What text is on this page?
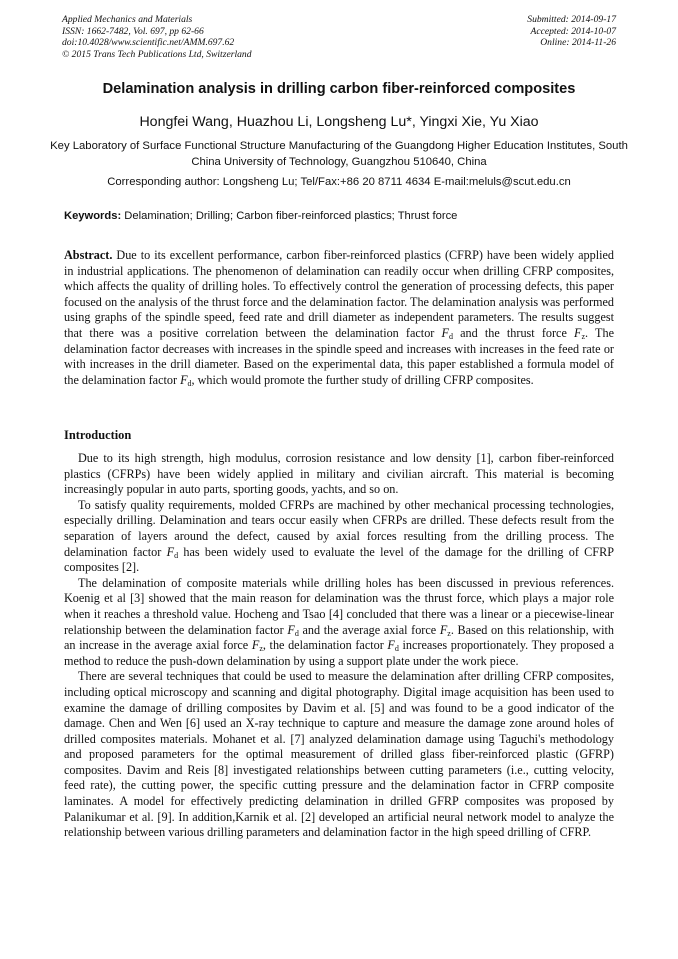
Applied Mechanics and Materials
ISSN: 1662-7482, Vol. 697, pp 62-66
doi:10.4028/www.scientific.net/AMM.697.62
© 2015 Trans Tech Publications Ltd, Switzerland
Submitted: 2014-09-17
Accepted: 2014-10-07
Online: 2014-11-26
Delamination analysis in drilling carbon fiber-reinforced composites
Hongfei Wang, Huazhou Li, Longsheng Lu*, Yingxi Xie, Yu Xiao
Key Laboratory of Surface Functional Structure Manufacturing of the Guangdong Higher Education Institutes, South China University of Technology, Guangzhou 510640, China
Corresponding author: Longsheng Lu; Tel/Fax:+86 20 8711 4634 E-mail:meluls@scut.edu.cn
Keywords: Delamination; Drilling; Carbon fiber-reinforced plastics; Thrust force
Abstract. Due to its excellent performance, carbon fiber-reinforced plastics (CFRP) have been widely applied in industrial applications. The phenomenon of delamination can readily occur when drilling CFRP composites, which affects the quality of drilling holes. To effectively control the generation of processing defects, this paper focused on the analysis of the thrust force and the delamination factor. The delamination analysis was performed using graphs of the spindle speed, feed rate and drill diameter as independent parameters. The results suggest that there was a positive correlation between the delamination factor $F_d$ and the thrust force $F_z$. The delamination factor decreases with increases in the spindle speed and increases with increases in the feed rate or with increases in the drill diameter. Based on the experimental data, this paper established a formula model of the delamination factor $F_d$, which would promote the further study of drilling CFRP composites.
Introduction

Due to its high strength, high modulus, corrosion resistance and low density [1], carbon fiber-reinforced plastics (CFRPs) have been widely applied in military and civilian aircraft. This material is becoming increasingly popular in auto parts, sporting goods, yachts, and so on.

To satisfy quality requirements, molded CFRPs are machined by other mechanical processing technologies, especially drilling. Delamination and tears occur easily when CFRPs are drilled. These defects result from the separation of layers around the defect, caused by axial forces resulting from the drilling process. The delamination factor $F_d$ has been widely used to evaluate the level of the damage for the drilling of CFRP composites [2].

The delamination of composite materials while drilling holes has been discussed in previous references. Koenig et al [3] showed that the main reason for delamination was the thrust force, which plays a major role when it reaches a threshold value. Hocheng and Tsao [4] concluded that there was a linear or a piecewise-linear relationship between the delamination factor $F_d$ and the average axial force $F_z$. Based on this relationship, with an increase in the average axial force $F_z$, the delamination factor $F_d$ increases proportionately. They proposed a method to reduce the push-down delamination by using a support plate under the work piece.

There are several techniques that could be used to measure the delamination after drilling CFRP composites, including optical microscopy and scanning and digital photography. Digital image acquisition has been used to examine the damage of drilling composites by Davim et al. [5] and was found to be a good indicator of the damage. Chen and Wen [6] used an X-ray technique to capture and measure the damage zone around holes of drilled composites materials. Mohanet et al. [7] analyzed delamination damage using Taguchi's methodology and proposed parameters for the optimal measurement of drilled glass fiber-reinforced plastic (GFRP) composites. Davim and Reis [8] investigated relationships between cutting parameters (i.e., cutting velocity, feed rate), the cutting power, the specific cutting pressure and the delamination factor in CFRP composite laminates. A model for effectively predicting delamination in drilled GFRP composites was proposed by Palanikumar et al. [9]. In addition,Karnik et al. [2] developed an artificial neural network model to analyze the relationship between various drilling parameters and delamination factor in the high speed drilling of CFRP.
